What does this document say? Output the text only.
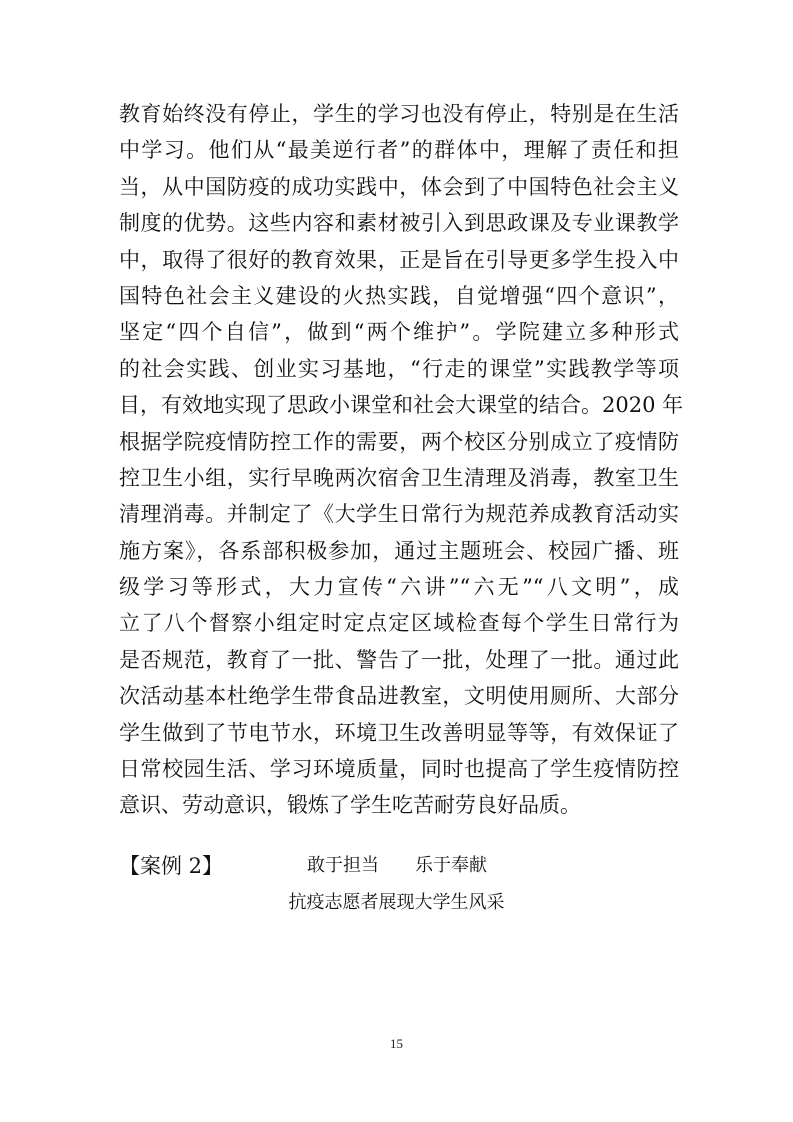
教育始终没有停止，学生的学习也没有停止，特别是在生活
中学习。他们从“最美逆行者”的群体中，理解了责任和担
当，从中国防疫的成功实践中，体会到了中国特色社会主义
制度的优势。这些内容和素材被引入到思政课及专业课教学
中，取得了很好的教育效果，正是旨在引导更多学生投入中
国特色社会主义建设的火热实践，自觉增强“四个意识”，
坚定“四个自信”，做到“两个维护”。学院建立多种形式
的社会实践、创业实习基地，“行走的课堂”实践教学等项
目，有效地实现了思政小课堂和社会大课堂的结合。2020 年
根据学院疫情防控工作的需要，两个校区分别成立了疫情防
控卫生小组，实行早晚两次宿舍卫生清理及消毒，教室卫生
清理消毒。并制定了《大学生日常行为规范养成教育活动实
施方案》，各系部积极参加，通过主题班会、校园广播、班
级学习等形式，大力宣传“六讲”“六无”“八文明”，成
立了八个督察小组定时定点定区域检查每个学生日常行为
是否规范，教育了一批、警告了一批，处理了一批。通过此
次活动基本杜绝学生带食品进教室，文明使用厕所、大部分
学生做到了节电节水，环境卫生改善明显等等，有效保证了
日常校园生活、学习环境质量，同时也提高了学生疫情防控
意识、劳动意识，锻炼了学生吃苦耐劳良好品质。
【案例 2】	敢于担当 乐于奉献
抗疫志愿者展现大学生风采
15
